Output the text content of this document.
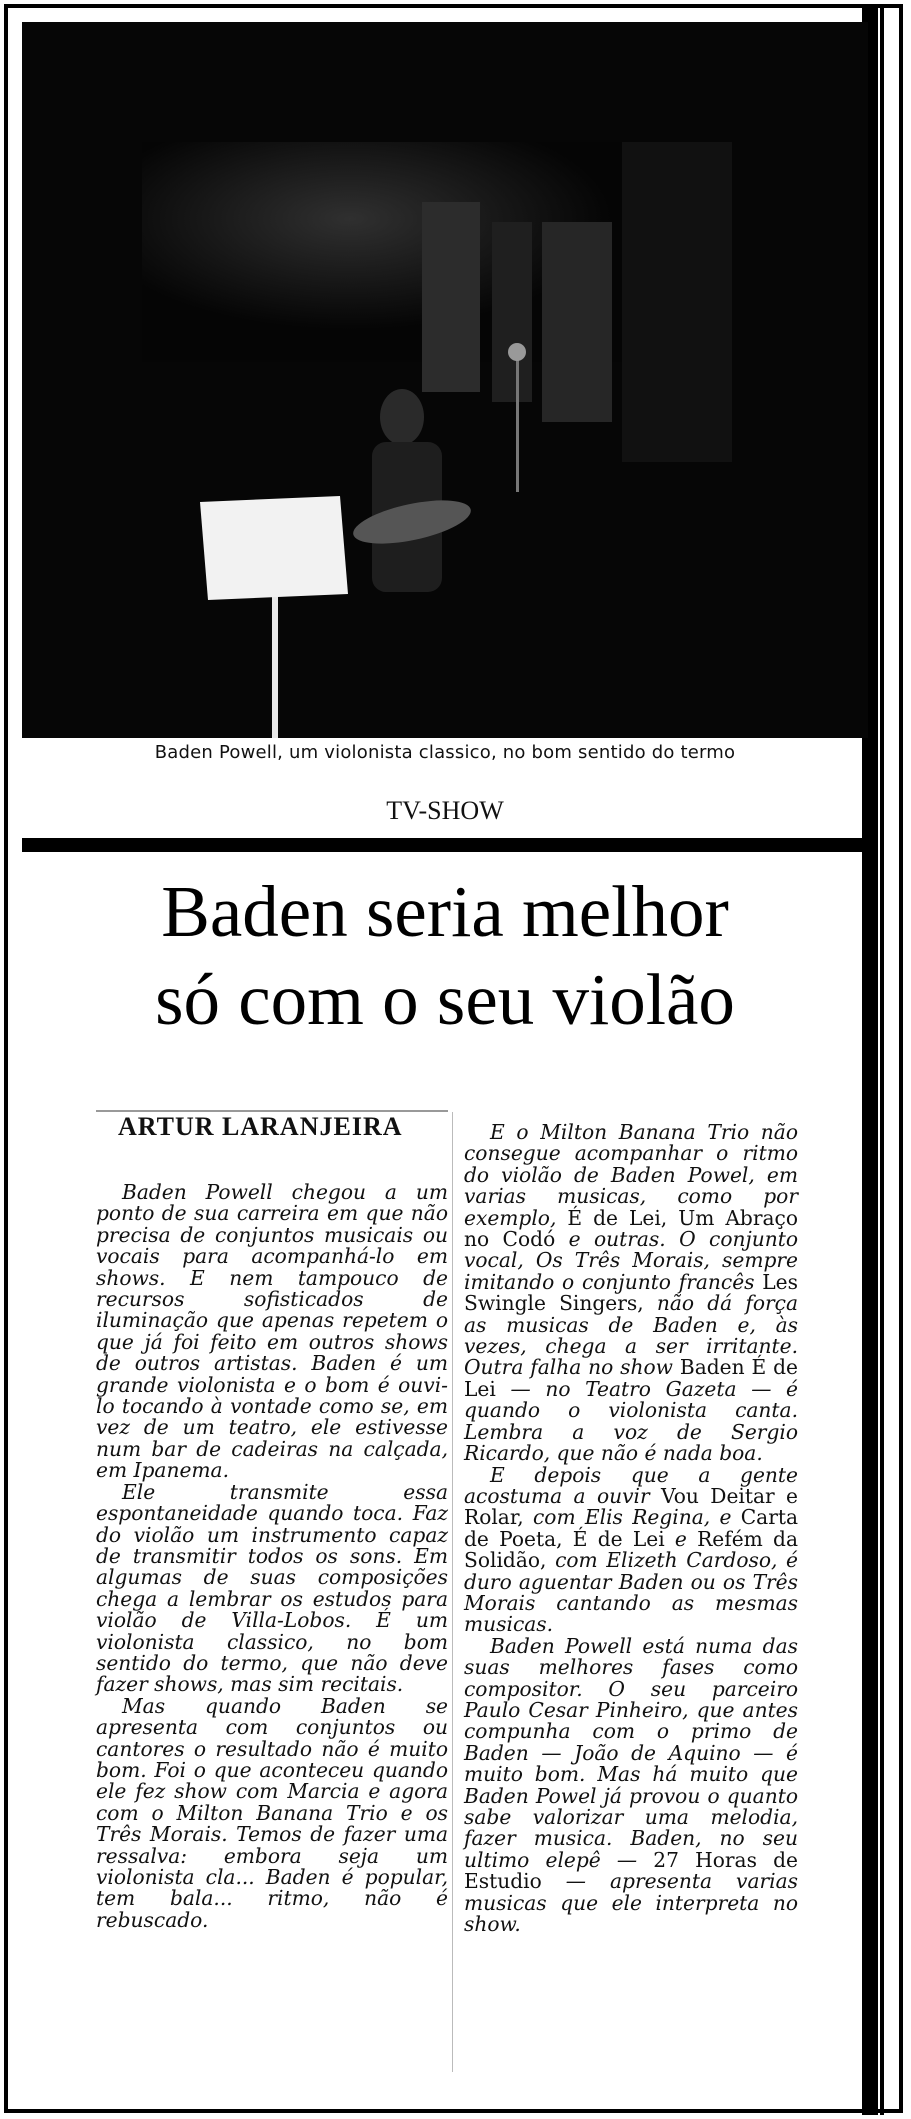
Baden Powell, um violonista classico, no bom sentido do termo
TV-SHOW
Baden seria melhor
só com o seu violão
ARTUR LARANJEIRA

Baden Powell chegou a um ponto de sua carreira em que não precisa de conjuntos musicais ou vocais para acompanhá-lo em shows. E nem tampouco de recursos sofisticados de iluminação que apenas repetem o que já foi feito em outros shows de outros artistas. Baden é um grande violonista e o bom é ouvi-lo tocando à vontade como se, em vez de um teatro, ele estivesse num bar de cadeiras na calçada, em Ipanema.

Ele transmite essa espontaneidade quando toca. Faz do violão um instrumento capaz de transmitir todos os sons. Em algumas de suas composições chega a lembrar os estudos para violão de Villa-Lobos. É um violonista classico, no bom sentido do termo, que não deve fazer shows, mas sim recitais.

Mas quando Baden se apresenta com conjuntos ou cantores o resultado não é muito bom. Foi o que aconteceu quando ele fez show com Marcia e agora com o Milton Banana Trio e os Três Morais. Temos de fazer uma ressalva: embora seja um violonista cla... Baden é popular, tem bala... ritmo, não é rebuscado.

E o Milton Banana Trio não consegue acompanhar o ritmo do violão de Baden Powel, em varias musicas, como por exemplo, É de Lei, Um Abraço no Codó e outras. O conjunto vocal, Os Três Morais, sempre imitando o conjunto francês Les Swingle Singers, não dá força as musicas de Baden e, às vezes, chega a ser irritante. Outra falha no show Baden É de Lei — no Teatro Gazeta — é quando o violonista canta. Lembra a voz de Sergio Ricardo, que não é nada boa.

E depois que a gente acostuma a ouvir Vou Deitar e Rolar, com Elis Regina, e Carta de Poeta, É de Lei e Refém da Solidão, com Elizeth Cardoso, é duro aguentar Baden ou os Três Morais cantando as mesmas musicas.

Baden Powell está numa das suas melhores fases como compositor. O seu parceiro Paulo Cesar Pinheiro, que antes compunha com o primo de Baden — João de Aquino — é muito bom. Mas há muito que Baden Powel já provou o quanto sabe valorizar uma melodia, fazer musica. Baden, no seu ultimo elepê — 27 Horas de Estudio — apresenta varias musicas que ele interpreta no show.
